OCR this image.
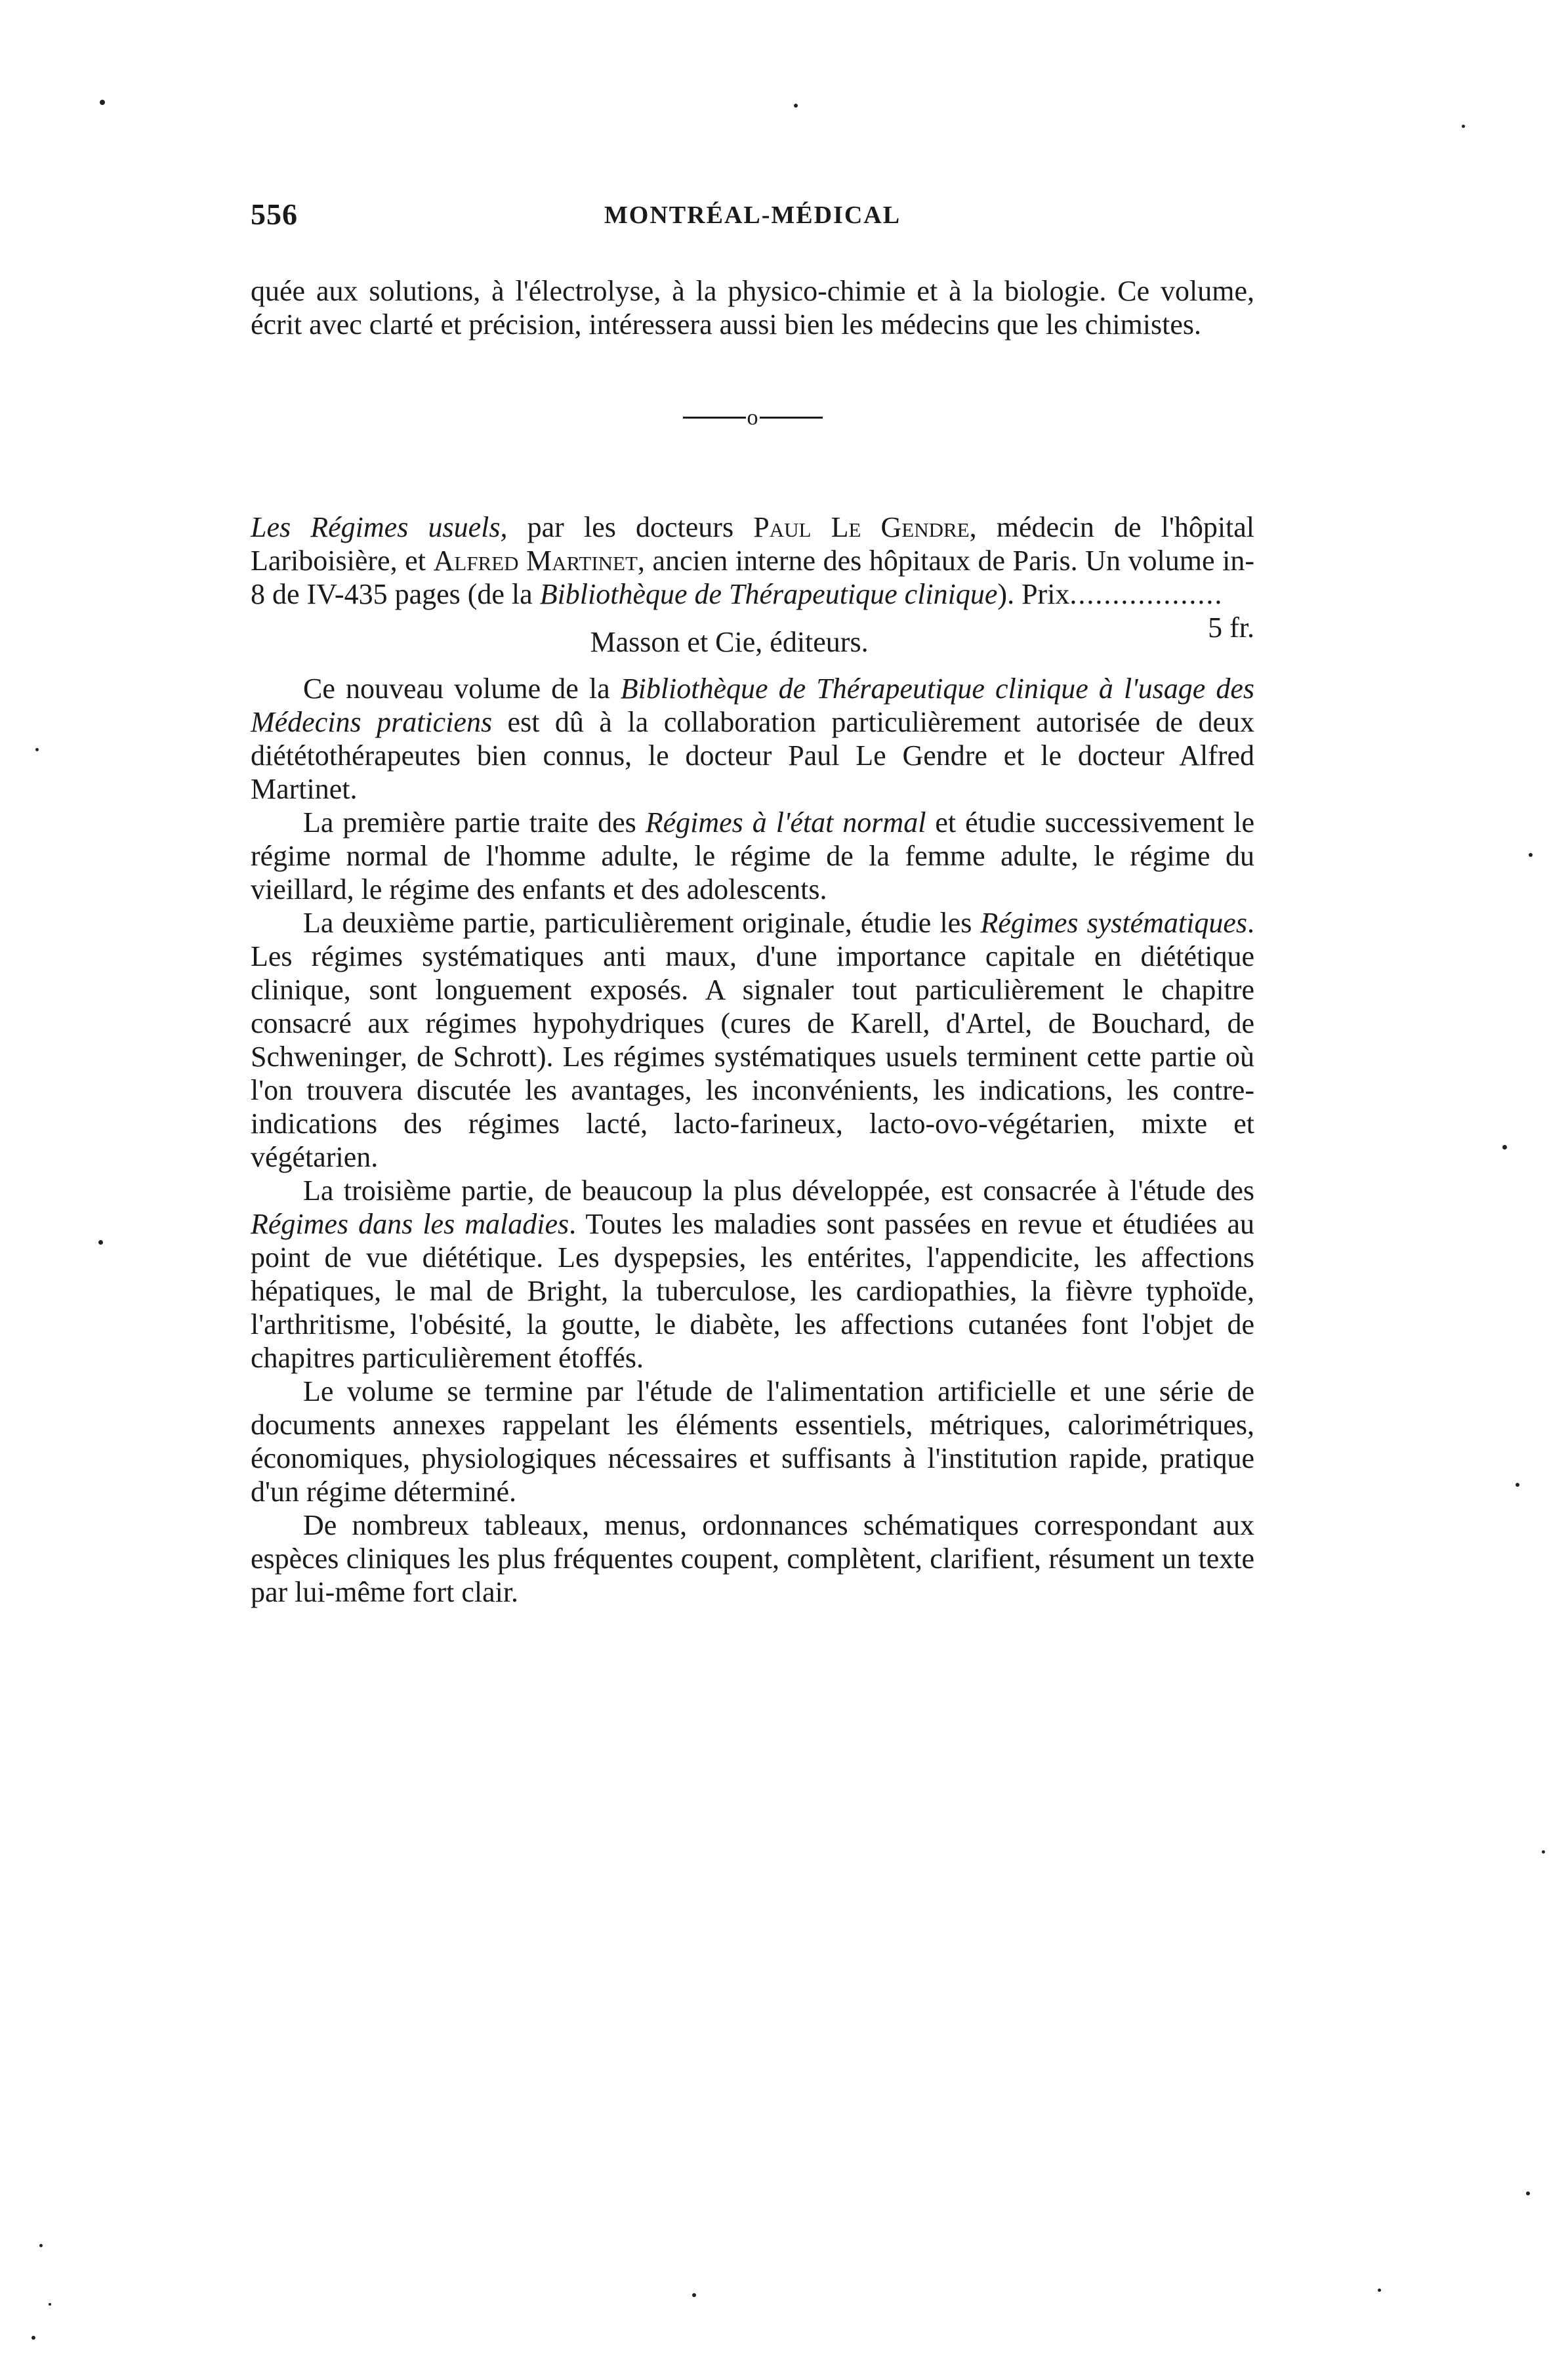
556	MONTRÉAL-MÉDICAL

quée aux solutions, à l'électrolyse, à la physico-chimie et à la biologie. Ce volume, écrit avec clarté et précision, intéressera aussi bien les médecins que les chimistes.

o

Les Régimes usuels, par les docteurs Paul Le Gendre, médecin de l'hôpital Lariboisière, et Alfred Martinet, ancien interne des hôpitaux de Paris. Un volume in-8 de IV-435 pages (de la Bibliothèque de Thérapeutique clinique). Prix..................
5 fr.

Masson et Cie, éditeurs.

Ce nouveau volume de la Bibliothèque de Thérapeutique clinique à l'usage des Médecins praticiens est dû à la collaboration particulièrement autorisée de deux diététothérapeutes bien connus, le docteur Paul Le Gendre et le docteur Alfred Martinet.

La première partie traite des Régimes à l'état normal et étudie successivement le régime normal de l'homme adulte, le régime de la femme adulte, le régime du vieillard, le régime des enfants et des adolescents.

La deuxième partie, particulièrement originale, étudie les Régimes systématiques. Les régimes systématiques anti maux, d'une importance capitale en diététique clinique, sont longuement exposés. A signaler tout particulièrement le chapitre consacré aux régimes hypohydriques (cures de Karell, d'Artel, de Bouchard, de Schweninger, de Schrott). Les régimes systématiques usuels terminent cette partie où l'on trouvera discutée les avantages, les inconvénients, les indications, les contre-indications des régimes lacté, lacto-farineux, lacto-ovo-végétarien, mixte et végétarien.

La troisième partie, de beaucoup la plus développée, est consacrée à l'étude des Régimes dans les maladies. Toutes les maladies sont passées en revue et étudiées au point de vue diététique. Les dyspepsies, les entérites, l'appendicite, les affections hépatiques, le mal de Bright, la tuberculose, les cardiopathies, la fièvre typhoïde, l'arthritisme, l'obésité, la goutte, le diabète, les affections cutanées font l'objet de chapitres particulièrement étoffés.

Le volume se termine par l'étude de l'alimentation artificielle et une série de documents annexes rappelant les éléments essentiels, métriques, calorimétriques, économiques, physiologiques nécessaires et suffisants à l'institution rapide, pratique d'un régime déterminé.

De nombreux tableaux, menus, ordonnances schématiques correspondant aux espèces cliniques les plus fréquentes coupent, complètent, clarifient, résument un texte par lui-même fort clair.
